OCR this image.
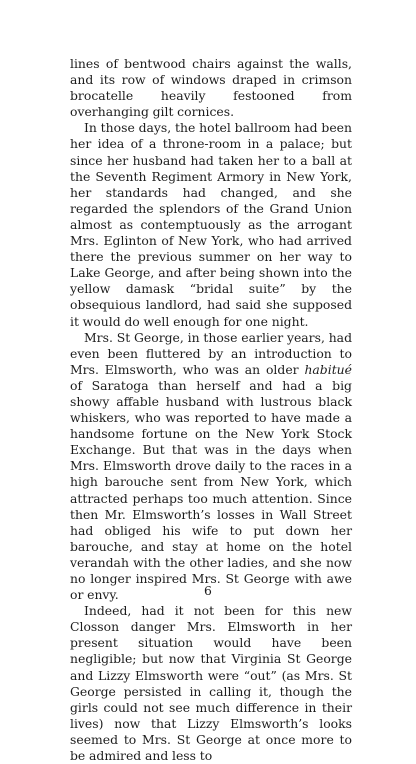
lines of bentwood chairs against the walls, and its row of windows draped in crimson brocatelle heavily festooned from overhanging gilt cornices.

In those days, the hotel ballroom had been her idea of a throne-room in a palace; but since her husband had taken her to a ball at the Seventh Regiment Armory in New York, her standards had changed, and she regarded the splendors of the Grand Union almost as contemptuously as the arrogant Mrs. Eglinton of New York, who had arrived there the previous summer on her way to Lake George, and after being shown into the yellow damask “bridal suite” by the obsequious landlord, had said she supposed it would do well enough for one night.

Mrs. St George, in those earlier years, had even been fluttered by an introduction to Mrs. Elmsworth, who was an older habitué of Saratoga than herself and had a big showy affable husband with lustrous black whiskers, who was reported to have made a handsome fortune on the New York Stock Exchange. But that was in the days when Mrs. Elmsworth drove daily to the races in a high barouche sent from New York, which attracted perhaps too much attention. Since then Mr. Elmsworth’s losses in Wall Street had obliged his wife to put down her barouche, and stay at home on the hotel verandah with the other ladies, and she now no longer inspired Mrs. St George with awe or envy.

Indeed, had it not been for this new Closson danger Mrs. Elmsworth in her present situation would have been negligible; but now that Virginia St George and Lizzy Elmsworth were “out” (as Mrs. St George persisted in calling it, though the girls could not see much difference in their lives) now that Lizzy Elmsworth’s looks seemed to Mrs. St George at once more to be admired and less to

6
